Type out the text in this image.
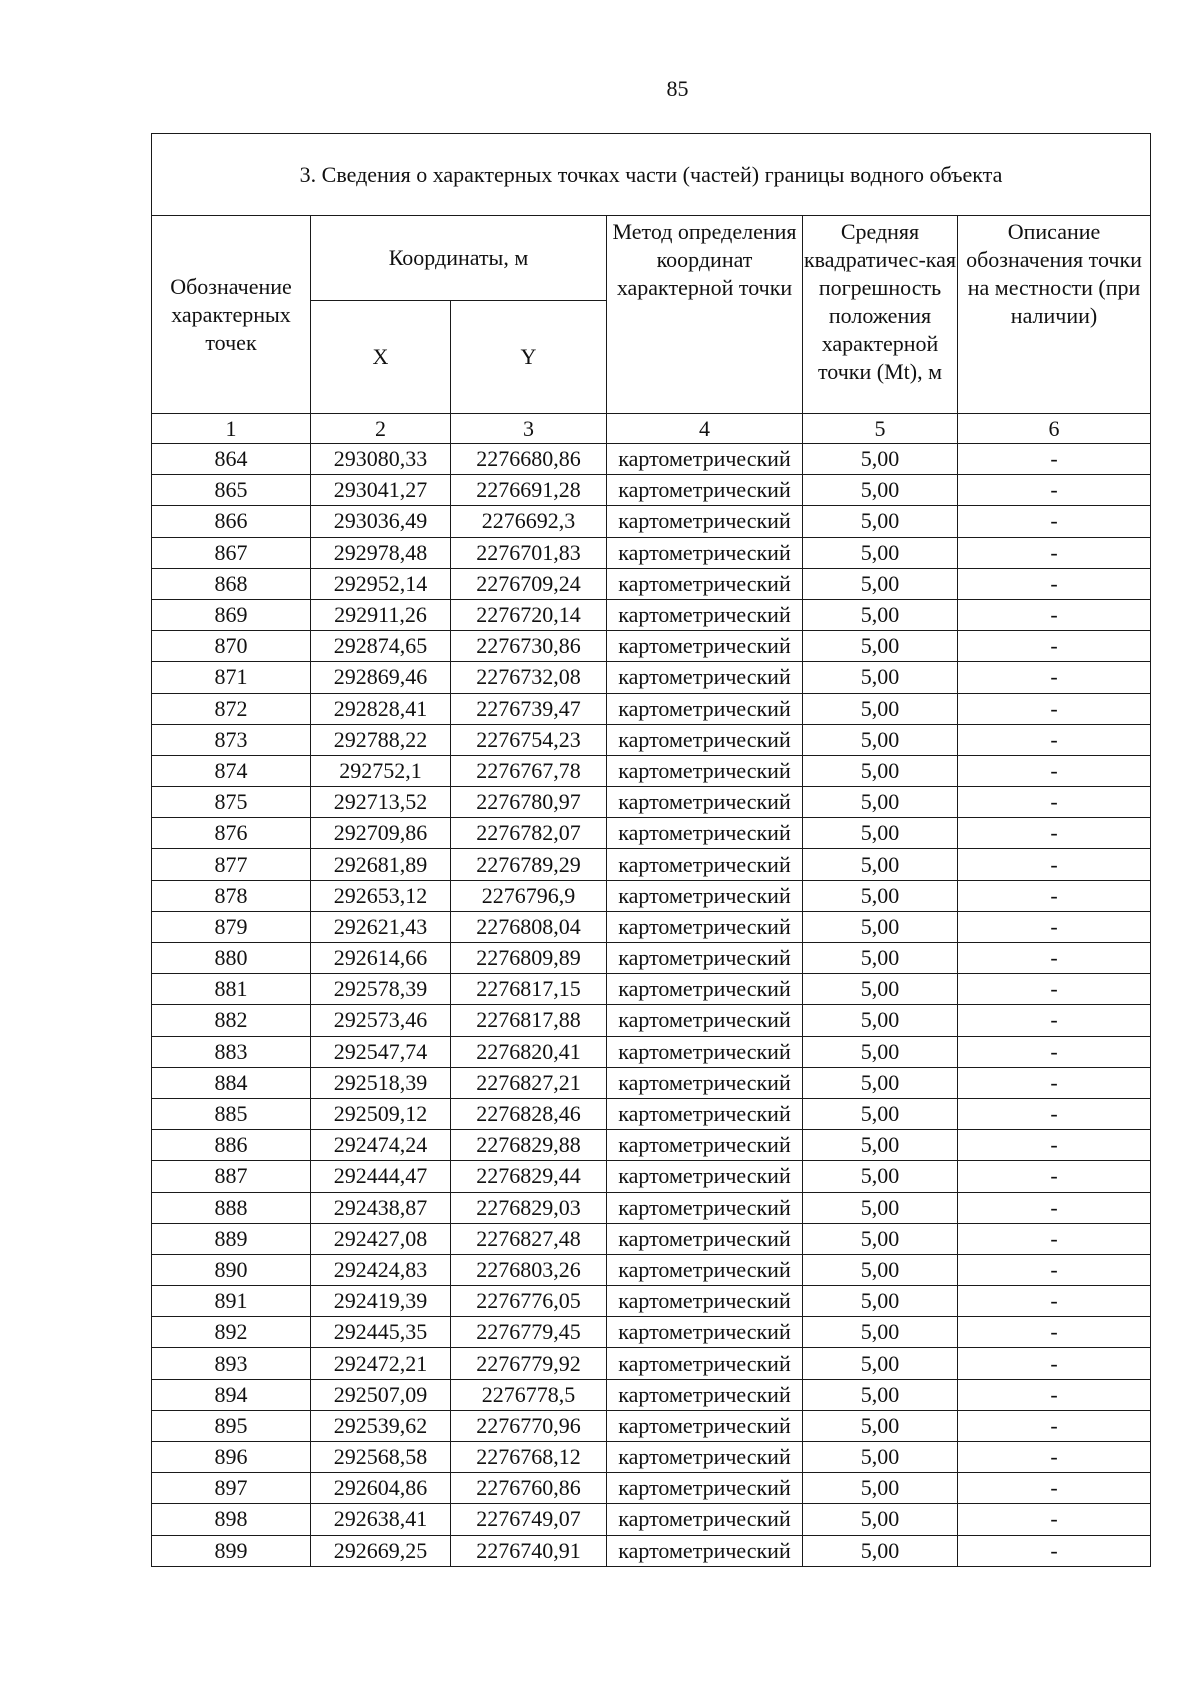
85
3. Сведения о характерных точках части (частей) границы водного объекта					
Обозначение характерных точек	Координаты, м		Метод определения координат характерной точки	Средняя квадратичес-кая погрешность положения характерной точки (Mt), м	Описание обозначения точки на местности (при наличии)
	X	Y			
1	2	3	4	5	6
864	293080,33	2276680,86	картометрический	5,00	-
865	293041,27	2276691,28	картометрический	5,00	-
866	293036,49	2276692,3	картометрический	5,00	-
867	292978,48	2276701,83	картометрический	5,00	-
868	292952,14	2276709,24	картометрический	5,00	-
869	292911,26	2276720,14	картометрический	5,00	-
870	292874,65	2276730,86	картометрический	5,00	-
871	292869,46	2276732,08	картометрический	5,00	-
872	292828,41	2276739,47	картометрический	5,00	-
873	292788,22	2276754,23	картометрический	5,00	-
874	292752,1	2276767,78	картометрический	5,00	-
875	292713,52	2276780,97	картометрический	5,00	-
876	292709,86	2276782,07	картометрический	5,00	-
877	292681,89	2276789,29	картометрический	5,00	-
878	292653,12	2276796,9	картометрический	5,00	-
879	292621,43	2276808,04	картометрический	5,00	-
880	292614,66	2276809,89	картометрический	5,00	-
881	292578,39	2276817,15	картометрический	5,00	-
882	292573,46	2276817,88	картометрический	5,00	-
883	292547,74	2276820,41	картометрический	5,00	-
884	292518,39	2276827,21	картометрический	5,00	-
885	292509,12	2276828,46	картометрический	5,00	-
886	292474,24	2276829,88	картометрический	5,00	-
887	292444,47	2276829,44	картометрический	5,00	-
888	292438,87	2276829,03	картометрический	5,00	-
889	292427,08	2276827,48	картометрический	5,00	-
890	292424,83	2276803,26	картометрический	5,00	-
891	292419,39	2276776,05	картометрический	5,00	-
892	292445,35	2276779,45	картометрический	5,00	-
893	292472,21	2276779,92	картометрический	5,00	-
894	292507,09	2276778,5	картометрический	5,00	-
895	292539,62	2276770,96	картометрический	5,00	-
896	292568,58	2276768,12	картометрический	5,00	-
897	292604,86	2276760,86	картометрический	5,00	-
898	292638,41	2276749,07	картометрический	5,00	-
899	292669,25	2276740,91	картометрический	5,00	-
